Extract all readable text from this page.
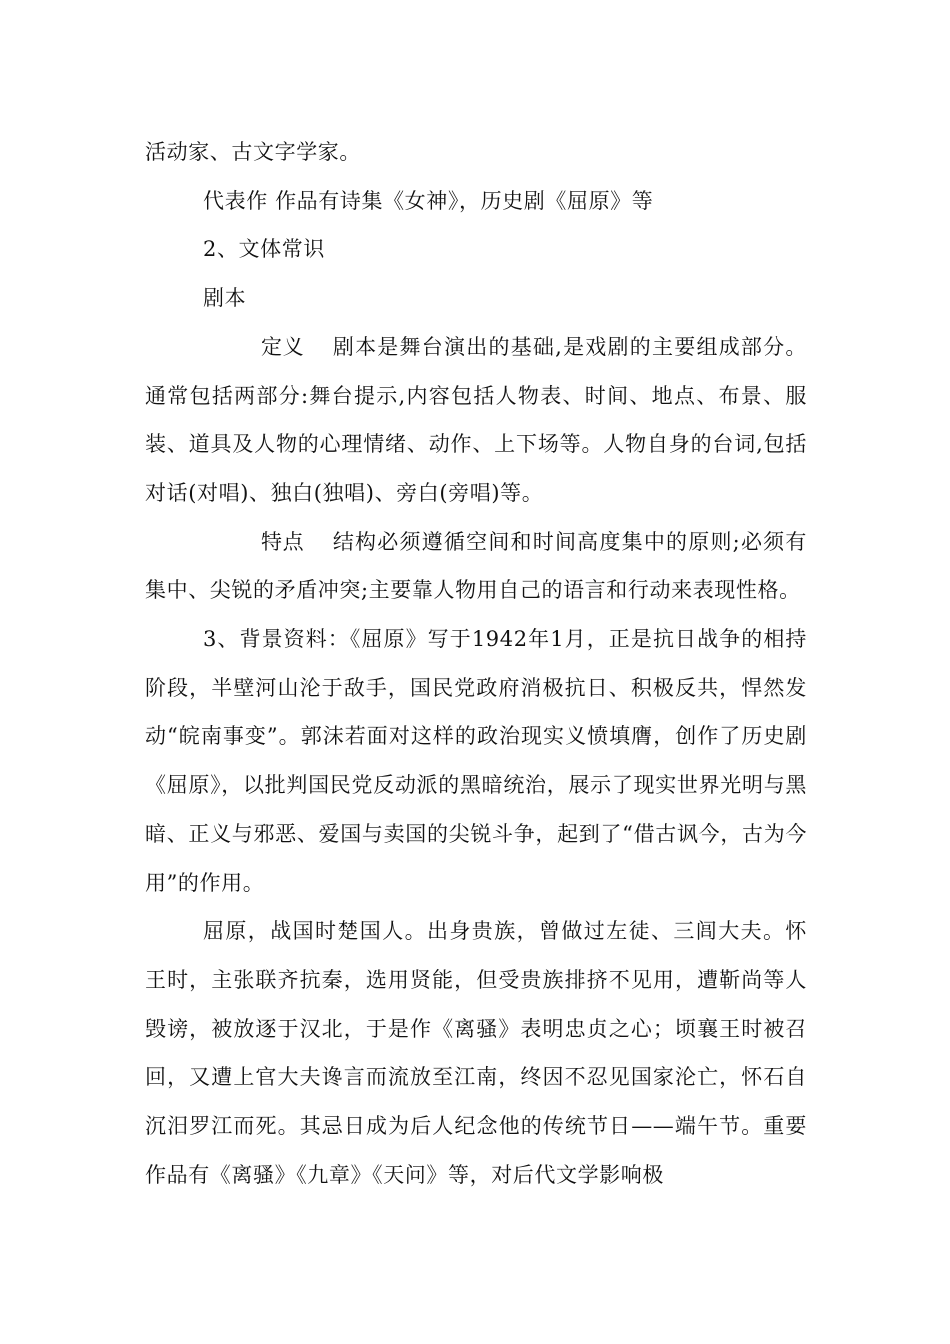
活动家、古文字学家。

代表作 作品有诗集《女神》，历史剧《屈原》等

2、文体常识

剧本

定义 剧本是舞台演出的基础,是戏剧的主要组成部分。通常包括两部分:舞台提示,内容包括人物表、时间、地点、布景、服装、道具及人物的心理情绪、动作、上下场等。人物自身的台词,包括对话(对唱)、独白(独唱)、旁白(旁唱)等。

特点 结构必须遵循空间和时间高度集中的原则;必须有集中、尖锐的矛盾冲突;主要靠人物用自己的语言和行动来表现性格。

3、背景资料：《屈原》写于1942年1月，正是抗日战争的相持阶段，半壁河山沦于敌手，国民党政府消极抗日、积极反共，悍然发动“皖南事变”。郭沫若面对这样的政治现实义愤填膺，创作了历史剧《屈原》，以批判国民党反动派的黑暗统治，展示了现实世界光明与黑暗、正义与邪恶、爱国与卖国的尖锐斗争，起到了“借古讽今，古为今用”的作用。

屈原，战国时楚国人。出身贵族，曾做过左徒、三闾大夫。怀王时，主张联齐抗秦，选用贤能，但受贵族排挤不见用，遭靳尚等人毁谤，被放逐于汉北，于是作《离骚》表明忠贞之心；顷襄王时被召回，又遭上官大夫谗言而流放至江南，终因不忍见国家沦亡，怀石自沉汨罗江而死。其忌日成为后人纪念他的传统节日——端午节。重要作品有《离骚》《九章》《天问》等，对后代文学影响极
